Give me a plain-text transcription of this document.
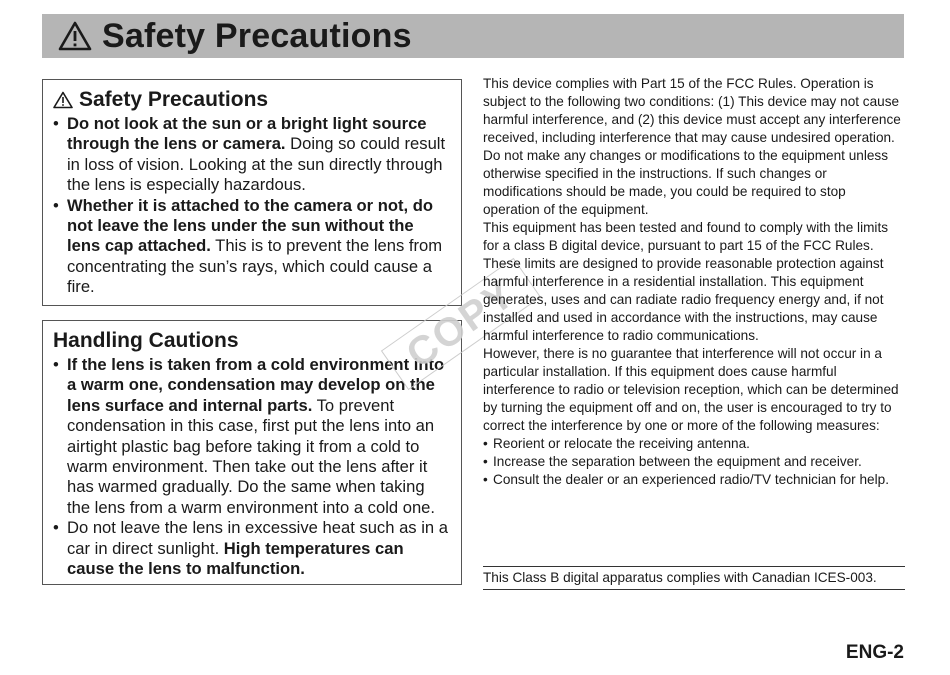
Safety Precautions
Safety Precautions
• Do not look at the sun or a bright light source through the lens or camera. Doing so could result in loss of vision. Looking at the sun directly through the lens is especially hazardous.
• Whether it is attached to the camera or not, do not leave the lens under the sun without the lens cap attached. This is to prevent the lens from concentrating the sun’s rays, which could cause a fire.
Handling Cautions
• If the lens is taken from a cold environment into a warm one, condensation may develop on the lens surface and internal parts. To prevent condensation in this case, first put the lens into an airtight plastic bag before taking it from a cold to warm environment. Then take out the lens after it has warmed gradually. Do the same when taking the lens from a warm environment into a cold one.
• Do not leave the lens in excessive heat such as in a car in direct sunlight. High temperatures can cause the lens to malfunction.
COPY

This device complies with Part 15 of the FCC Rules. Operation is subject to the following two conditions: (1) This device may not cause harmful interference, and (2) this device must accept any interference received, including interference that may cause undesired operation.

Do not make any changes or modifications to the equipment unless otherwise specified in the instructions. If such changes or modifications should be made, you could be required to stop operation of the equipment.

This equipment has been tested and found to comply with the limits for a class B digital device, pursuant to part 15 of the FCC Rules. These limits are designed to provide reasonable protection against harmful interference in a residential installation. This equipment generates, uses and can radiate radio frequency energy and, if not installed and used in accordance with the instructions, may cause harmful interference to radio communications.

However, there is no guarantee that interference will not occur in a particular installation. If this equipment does cause harmful interference to radio or television reception, which can be determined by turning the equipment off and on, the user is encouraged to try to correct the interference by one or more of the following measures:

• Reorient or relocate the receiving antenna.

• Increase the separation between the equipment and receiver.

• Consult the dealer or an experienced radio/TV technician for help.

This Class B digital apparatus complies with Canadian ICES-003.
ENG-2
